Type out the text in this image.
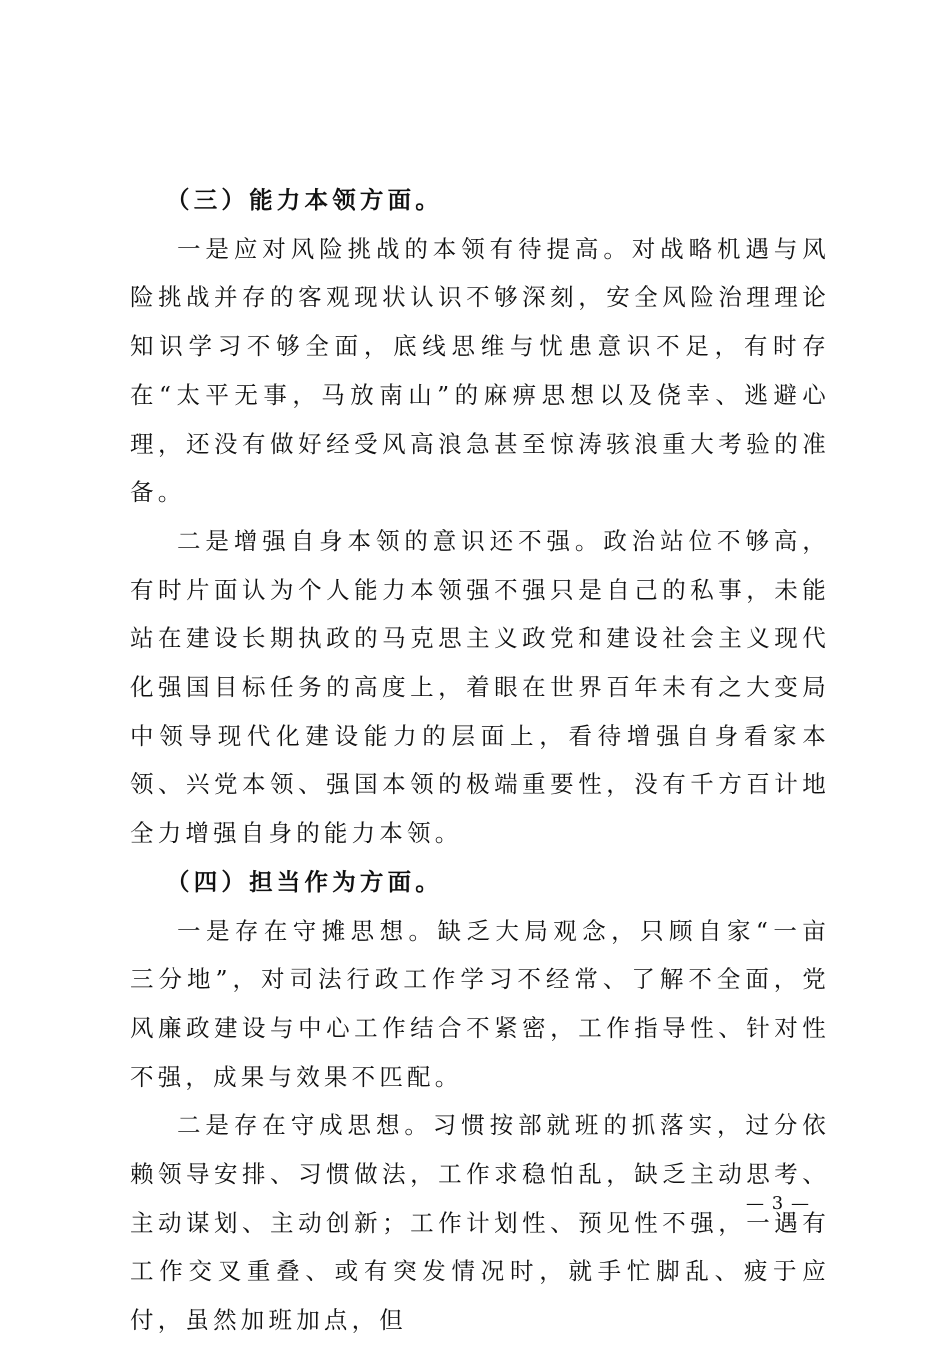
（三）能力本领方面。

一是应对风险挑战的本领有待提高。对战略机遇与风险挑战并存的客观现状认识不够深刻，安全风险治理理论知识学习不够全面，底线思维与忧患意识不足，有时存在“太平无事，马放南山”的麻痹思想以及侥幸、逃避心理，还没有做好经受风高浪急甚至惊涛骇浪重大考验的准备。

二是增强自身本领的意识还不强。政治站位不够高，有时片面认为个人能力本领强不强只是自己的私事，未能站在建设长期执政的马克思主义政党和建设社会主义现代化强国目标任务的高度上，着眼在世界百年未有之大变局中领导现代化建设能力的层面上，看待增强自身看家本领、兴党本领、强国本领的极端重要性，没有千方百计地全力增强自身的能力本领。

（四）担当作为方面。

一是存在守摊思想。缺乏大局观念，只顾自家“一亩三分地”，对司法行政工作学习不经常、了解不全面，党风廉政建设与中心工作结合不紧密，工作指导性、针对性不强，成果与效果不匹配。

二是存在守成思想。习惯按部就班的抓落实，过分依赖领导安排、习惯做法，工作求稳怕乱，缺乏主动思考、主动谋划、主动创新；工作计划性、预见性不强，一遇有工作交叉重叠、或有突发情况时，就手忙脚乱、疲于应付，虽然加班加点，但

— 3 —
